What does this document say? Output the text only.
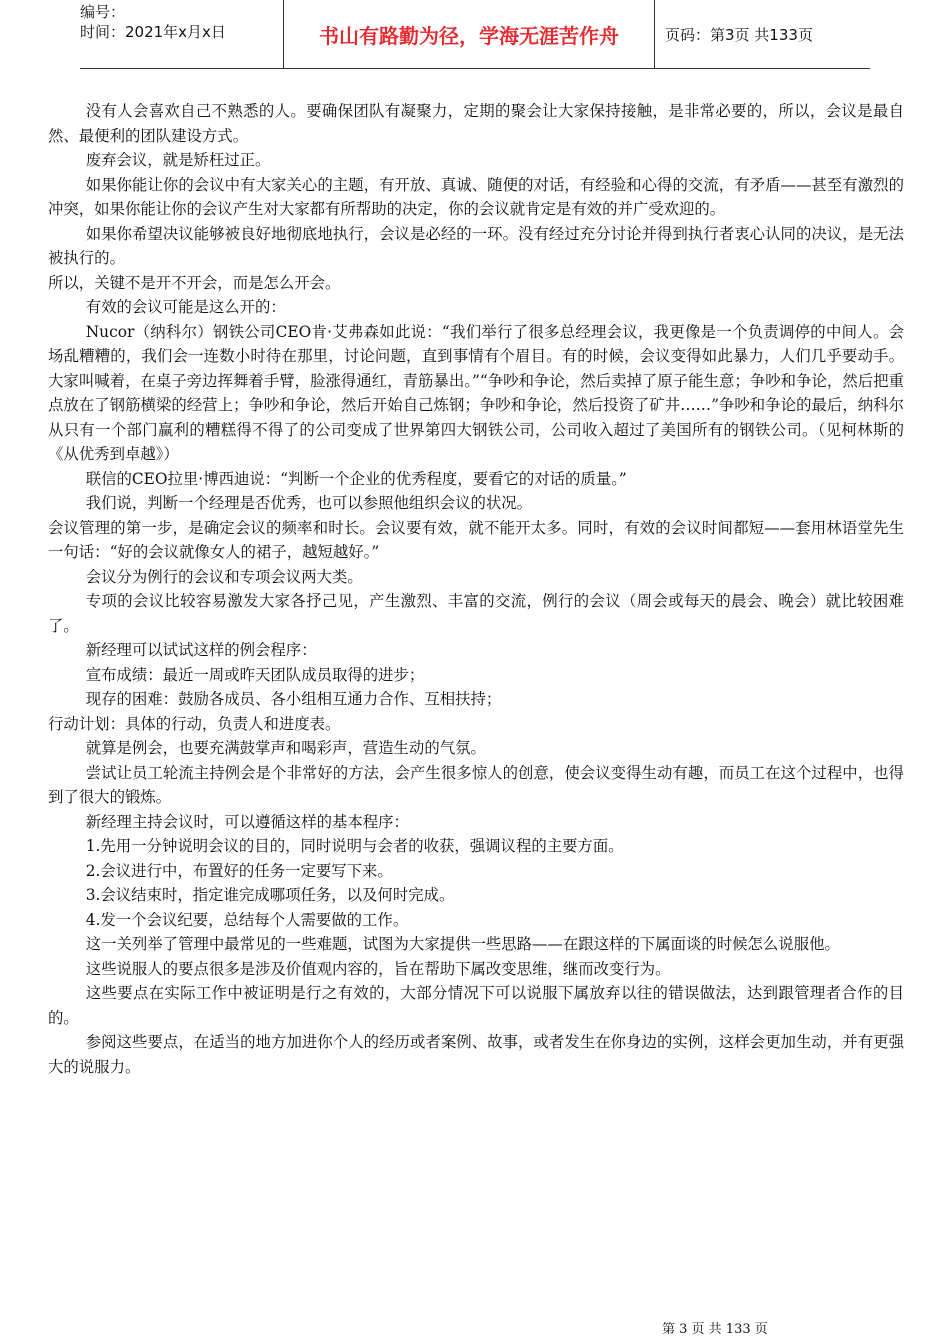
编号：
时间：2021年x月x日	书山有路勤为径，学海无涯苦作舟	页码：第3页 共133页

没有人会喜欢自己不熟悉的人。要确保团队有凝聚力，定期的聚会让大家保持接触，是非常必要的，所以，会议是最自然、最便利的团队建设方式。

废弃会议，就是矫枉过正。

如果你能让你的会议中有大家关心的主题，有开放、真诚、随便的对话，有经验和心得的交流，有矛盾——甚至有激烈的冲突，如果你能让你的会议产生对大家都有所帮助的决定，你的会议就肯定是有效的并广受欢迎的。

如果你希望决议能够被良好地彻底地执行，会议是必经的一环。没有经过充分讨论并得到执行者衷心认同的决议，是无法被执行的。

所以，关键不是开不开会，而是怎么开会。

有效的会议可能是这么开的：

Nucor（纳科尔）钢铁公司CEO肯·艾弗森如此说：“我们举行了很多总经理会议，我更像是一个负责调停的中间人。会场乱糟糟的，我们会一连数小时待在那里，讨论问题，直到事情有个眉目。有的时候，会议变得如此暴力，人们几乎要动手。大家叫喊着，在桌子旁边挥舞着手臂，脸涨得通红，青筋暴出。”“争吵和争论，然后卖掉了原子能生意；争吵和争论，然后把重点放在了钢筋横梁的经营上；争吵和争论，然后开始自己炼钢；争吵和争论，然后投资了矿井……”争吵和争论的最后，纳科尔从只有一个部门赢利的糟糕得不得了的公司变成了世界第四大钢铁公司，公司收入超过了美国所有的钢铁公司。（见柯林斯的《从优秀到卓越》）

联信的CEO拉里·博西迪说：“判断一个企业的优秀程度，要看它的对话的质量。”

我们说，判断一个经理是否优秀，也可以参照他组织会议的状况。

会议管理的第一步，是确定会议的频率和时长。会议要有效，就不能开太多。同时，有效的会议时间都短——套用林语堂先生一句话：“好的会议就像女人的裙子，越短越好。”

会议分为例行的会议和专项会议两大类。

专项的会议比较容易激发大家各抒己见，产生激烈、丰富的交流，例行的会议（周会或每天的晨会、晚会）就比较困难了。

新经理可以试试这样的例会程序：

宣布成绩：最近一周或昨天团队成员取得的进步；

现存的困难：鼓励各成员、各小组相互通力合作、互相扶持；

行动计划：具体的行动，负责人和进度表。

就算是例会，也要充满鼓掌声和喝彩声，营造生动的气氛。

尝试让员工轮流主持例会是个非常好的方法，会产生很多惊人的创意，使会议变得生动有趣，而员工在这个过程中，也得到了很大的锻炼。

新经理主持会议时，可以遵循这样的基本程序：

1.先用一分钟说明会议的目的，同时说明与会者的收获，强调议程的主要方面。

2.会议进行中，布置好的任务一定要写下来。

3.会议结束时，指定谁完成哪项任务，以及何时完成。

4.发一个会议纪要，总结每个人需要做的工作。

这一关列举了管理中最常见的一些难题，试图为大家提供一些思路——在跟这样的下属面谈的时候怎么说服他。

这些说服人的要点很多是涉及价值观内容的，旨在帮助下属改变思维，继而改变行为。

这些要点在实际工作中被证明是行之有效的，大部分情况下可以说服下属放弃以往的错误做法，达到跟管理者合作的目的。

参阅这些要点，在适当的地方加进你个人的经历或者案例、故事，或者发生在你身边的实例，这样会更加生动，并有更强大的说服力。

第 3 页 共 133 页
